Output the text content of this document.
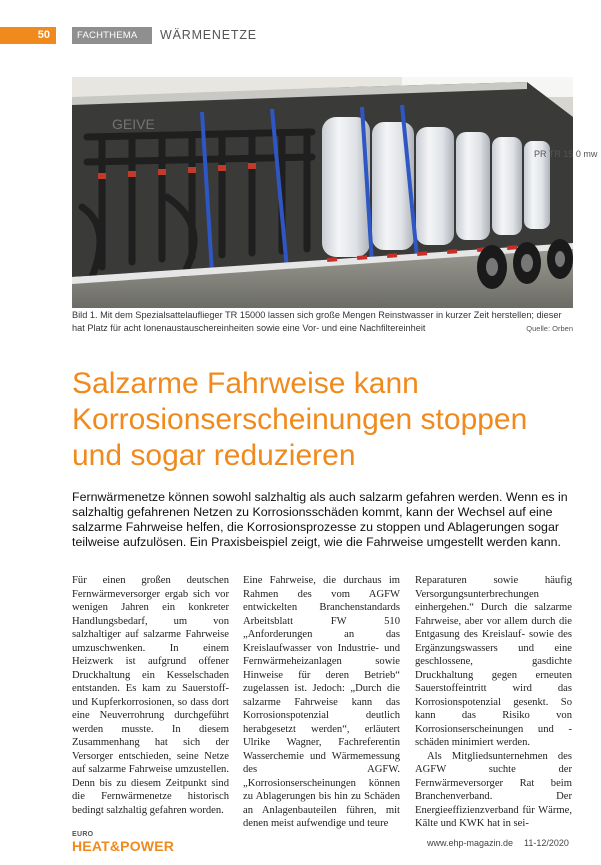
50	FACHTHEMA	WÄRMENETZE
GEIVE
PR TR 15 0 mw
Bild 1. Mit dem Spezialsattelauflieger TR 15000 lassen sich große Mengen Reinstwasser in kurzer Zeit herstellen; dieser hat Platz für acht Ionenaustauschereinheiten sowie eine Vor- und eine Nachfiltereinheit	Quelle: Orben
Salzarme Fahrweise kann Korrosionserscheinungen stoppen und sogar reduzieren
Fernwärmenetze können sowohl salzhaltig als auch salzarm gefahren werden. Wenn es in salzhaltig gefahrenen Netzen zu Korrosionsschäden kommt, kann der Wechsel auf eine salzarme Fahrweise helfen, die Korrosionsprozesse zu stoppen und Ablagerungen sogar teilweise aufzulösen. Ein Praxisbeispiel zeigt, wie die Fahrweise umgestellt werden kann.

Für einen großen deutschen Fernwärmeversorger ergab sich vor wenigen Jahren ein konkreter Handlungsbedarf, um von salzhaltiger auf salzarme Fahrweise umzuschwenken. In einem Heizwerk ist aufgrund offener Druckhaltung ein Kesselschaden entstanden. Es kam zu Sauerstoff- und Kupferkorrosionen, so dass dort eine Neuverrohrung durchgeführt werden musste. In diesem Zusammenhang hat sich der Versorger entschieden, seine Netze auf salzarme Fahrweise umzustellen. Denn bis zu diesem Zeitpunkt sind die Fernwärmenetze historisch bedingt salzhaltig gefahren worden.

Eine Fahrweise, die durchaus im Rahmen des vom AGFW entwickelten Branchenstandards Arbeitsblatt FW 510 „Anforderungen an das Kreislaufwasser von Industrie- und Fernwärmeheizanlagen sowie Hinweise für deren Betrieb“ zugelassen ist. Jedoch: „Durch die salzarme Fahrweise kann das Korrosionspotenzial deutlich herabgesetzt werden“, erläutert Ulrike Wagner, Fachreferentin Wasserchemie und Wärmemessung des AGFW. „Korrosionserscheinungen können zu Ablagerungen bis hin zu Schäden an Anlagenbauteilen führen, mit denen meist aufwendige und teure

Reparaturen sowie häufig Versorgungsunterbrechungen einhergehen.“ Durch die salzarme Fahrweise, aber vor allem durch die Entgasung des Kreislauf- sowie des Ergänzungswassers und eine geschlossene, gasdichte Druckhaltung gegen erneuten Sauerstoffeintritt wird das Korrosionspotenzial gesenkt. So kann das Risiko von Korrosionserscheinungen und -schäden minimiert werden.

Als Mitgliedsunternehmen des AGFW suchte der Fernwärmeversorger Rat beim Branchenverband. Der Energieeffizienzverband für Wärme, Kälte und KWK hat in sei-

EURO
HEAT&POWER	www.ehp-magazin.de 11-12/2020
